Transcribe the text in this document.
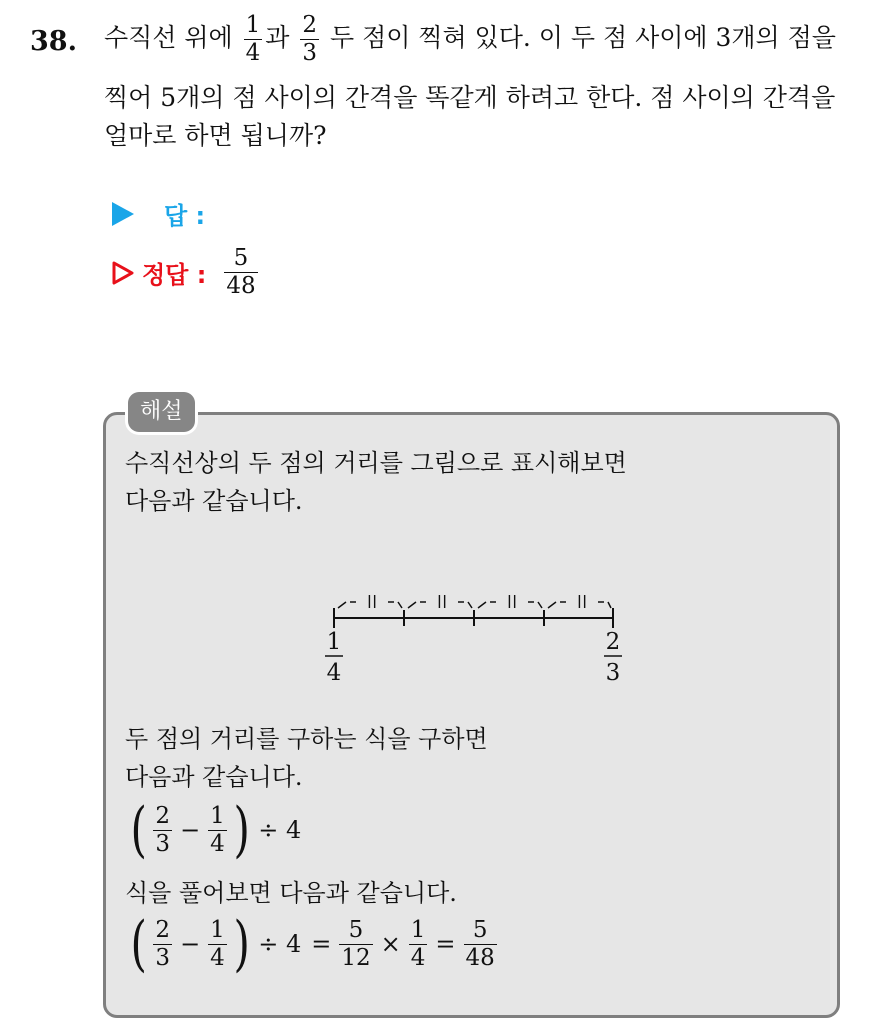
38. 수직선 위에 $\frac{1}{4}$ 과 $\frac{2}{3}$ 두 점이 찍혀 있다. 이 두 점 사이에 3개의 점을
찍어 5개의 점 사이의 간격을 똑같게 하려고 한다. 점 사이의 간격을
얼마로 하면 됩니까?
답 :
정답 : $\frac{5}{48}$
해설
수직선상의 두 점의 거리를 그림으로 표시해보면
다음과 같습니다.
ǀǀ	ǀǀ	ǀǀ	ǀǀ
1
4
2
3
두 점의 거리를 구하는 식을 구하면
다음과 같습니다.
( $\frac{2}{3} - \frac{1}{4}$ ) ÷ 4
식을 풀어보면 다음과 같습니다.
( $\frac{2}{3} - \frac{1}{4}$ ) ÷ $4 = \frac{5}{12} \times \frac{1}{4} = \frac{5}{48}$
